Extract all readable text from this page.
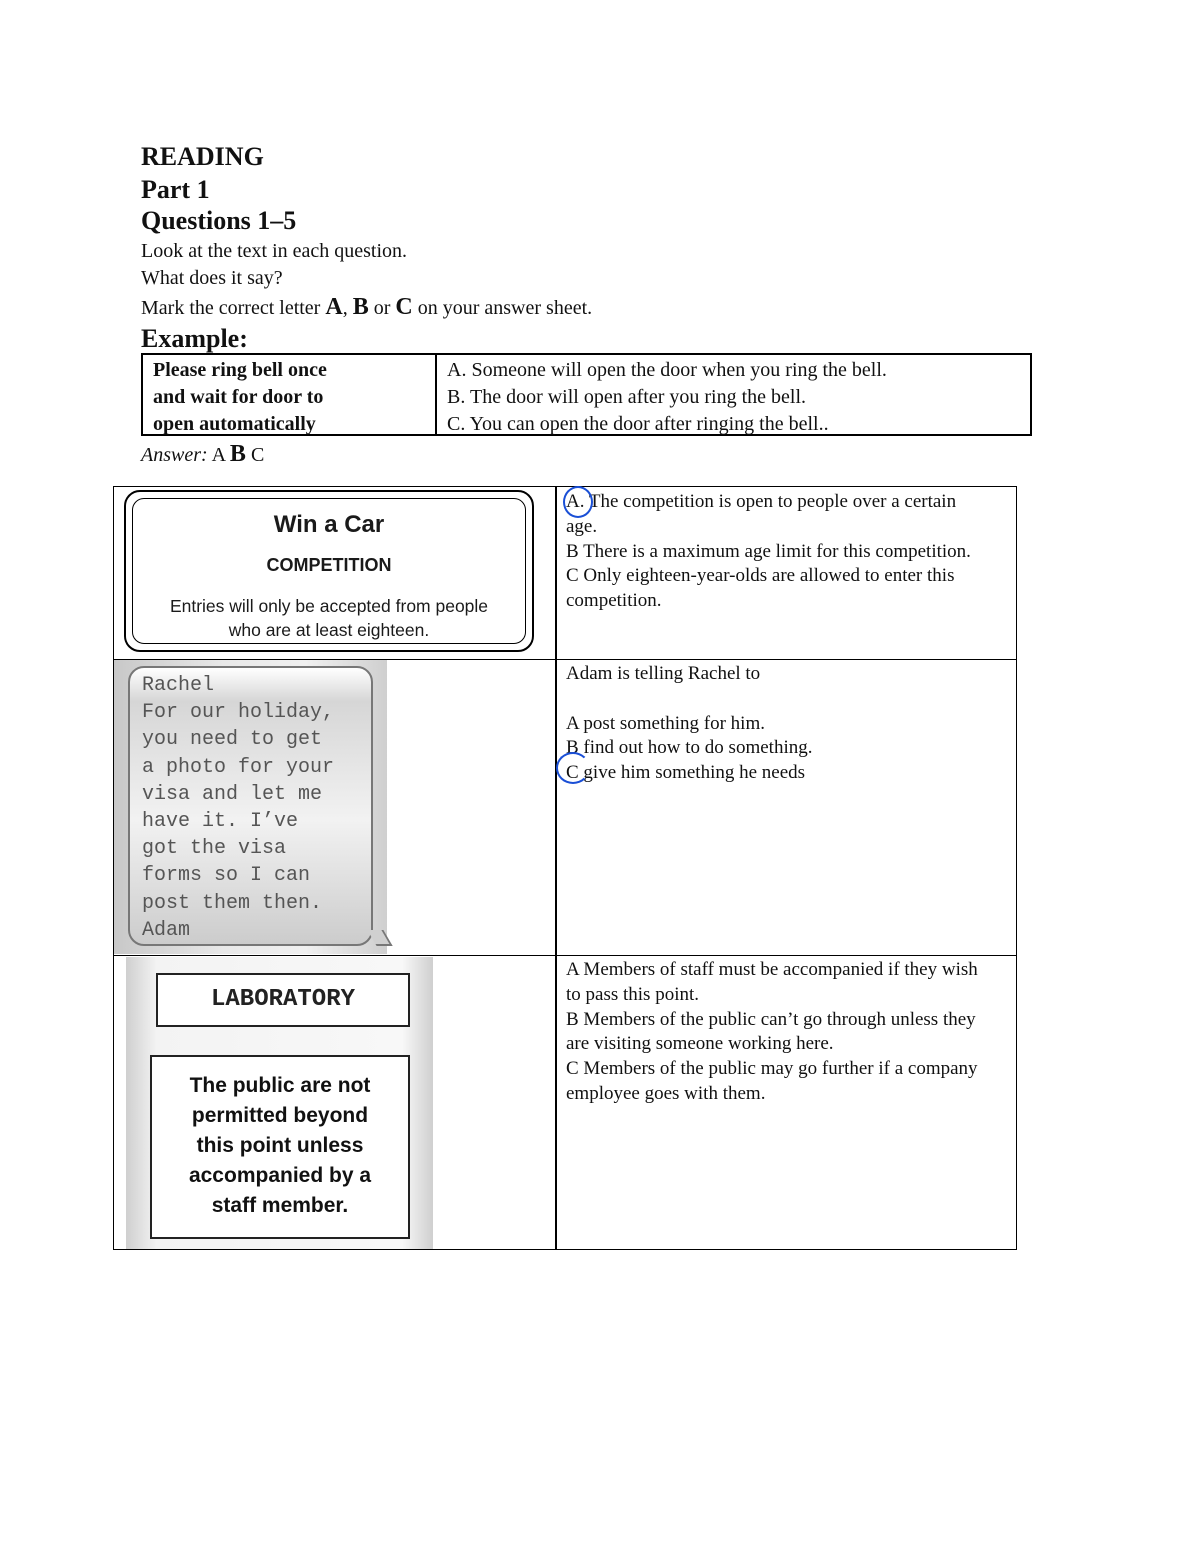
READING
Part 1
Questions 1–5
Look at the text in each question.
What does it say?
Mark the correct letter A, B or C on your answer sheet.
Example:
Please ring bell once
and wait for door to
open automatically
A. Someone will open the door when you ring the bell.
B. The door will open after you ring the bell.
C. You can open the door after ringing the bell..
Answer: A B C
Win a Car
COMPETITION
Entries will only be accepted from people
who are at least eighteen.

A. The competition is open to people over a certain age.

B There is a maximum age limit for this competition.

C Only eighteen-year-olds are allowed to enter this competition.

Rachel
For our holiday,
you need to get
a photo for your
visa and let me
have it. I’ve
got the visa
forms so I can
post them then.
Adam

Adam is telling Rachel to

A post something for him.

B find out how to do something.

C give him something he needs

LABORATORY
The public are not
permitted beyond
this point unless
accompanied by a
staff member.

A Members of staff must be accompanied if they wish to pass this point.

B Members of the public can’t go through unless they are visiting someone working here.

C Members of the public may go further if a company employee goes with them.
